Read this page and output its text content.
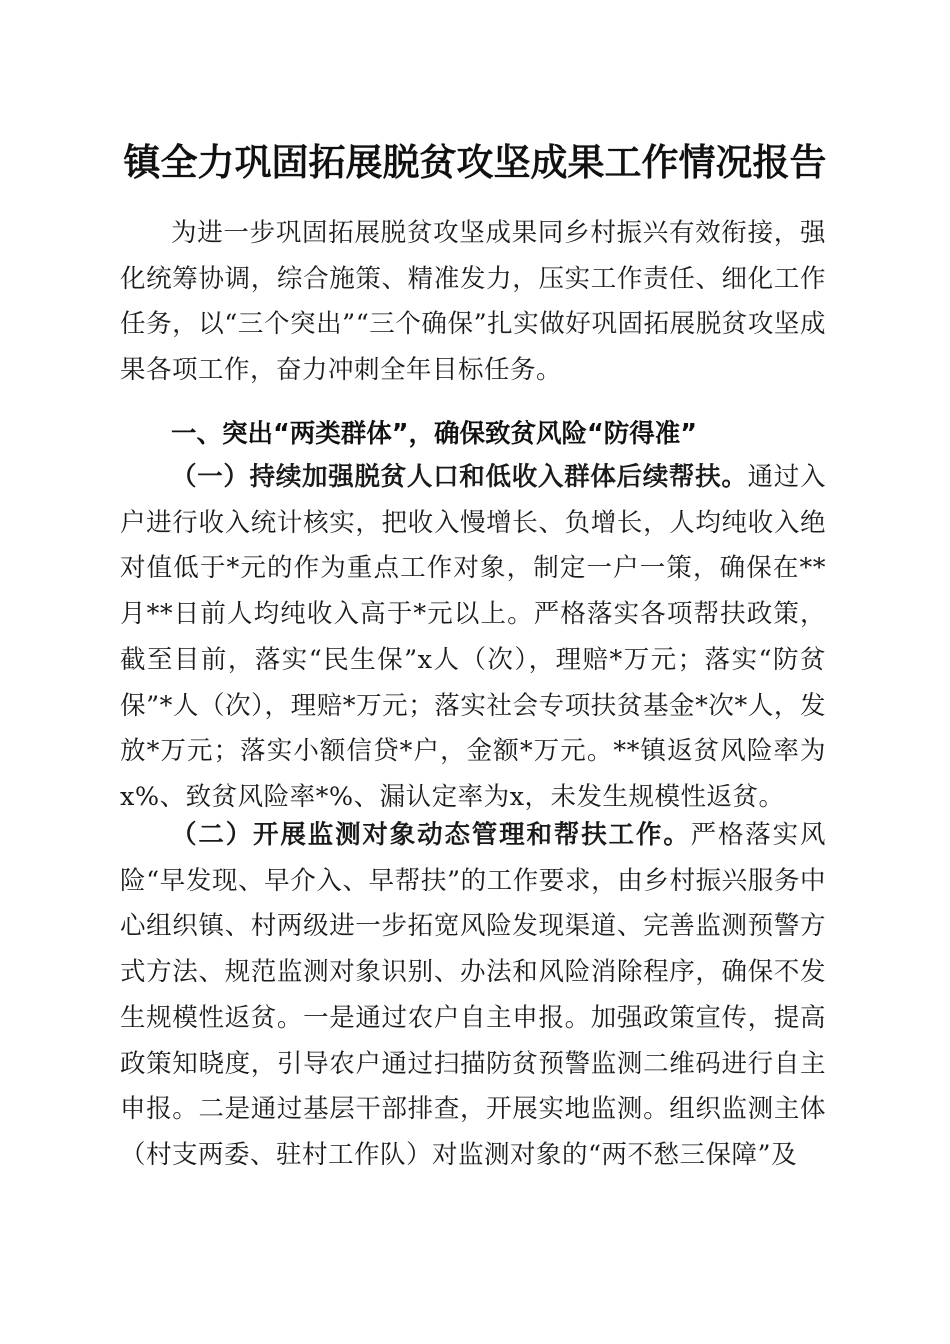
镇全力巩固拓展脱贫攻坚成果工作情况报告
为进一步巩固拓展脱贫攻坚成果同乡村振兴有效衔接，强化统筹协调，综合施策、精准发力，压实工作责任、细化工作任务，以“三个突出”“三个确保”扎实做好巩固拓展脱贫攻坚成果各项工作，奋力冲刺全年目标任务。
一、突出“两类群体”，确保致贫风险“防得准”
（一）持续加强脱贫人口和低收入群体后续帮扶。通过入户进行收入统计核实，把收入慢增长、负增长，人均纯收入绝对值低于*元的作为重点工作对象，制定一户一策，确保在**月**日前人均纯收入高于*元以上。严格落实各项帮扶政策，截至目前，落实“民生保”x人（次），理赔*万元；落实“防贫保”*人（次），理赔*万元；落实社会专项扶贫基金*次*人，发放*万元；落实小额信贷*户，金额*万元。**镇返贫风险率为x%、致贫风险率*%、漏认定率为x，未发生规模性返贫。
（二）开展监测对象动态管理和帮扶工作。严格落实风险“早发现、早介入、早帮扶”的工作要求，由乡村振兴服务中心组织镇、村两级进一步拓宽风险发现渠道、完善监测预警方式方法、规范监测对象识别、办法和风险消除程序，确保不发生规模性返贫。一是通过农户自主申报。加强政策宣传，提高政策知晓度，引导农户通过扫描防贫预警监测二维码进行自主申报。二是通过基层干部排查，开展实地监测。组织监测主体（村支两委、驻村工作队）对监测对象的“两不愁三保障”及
